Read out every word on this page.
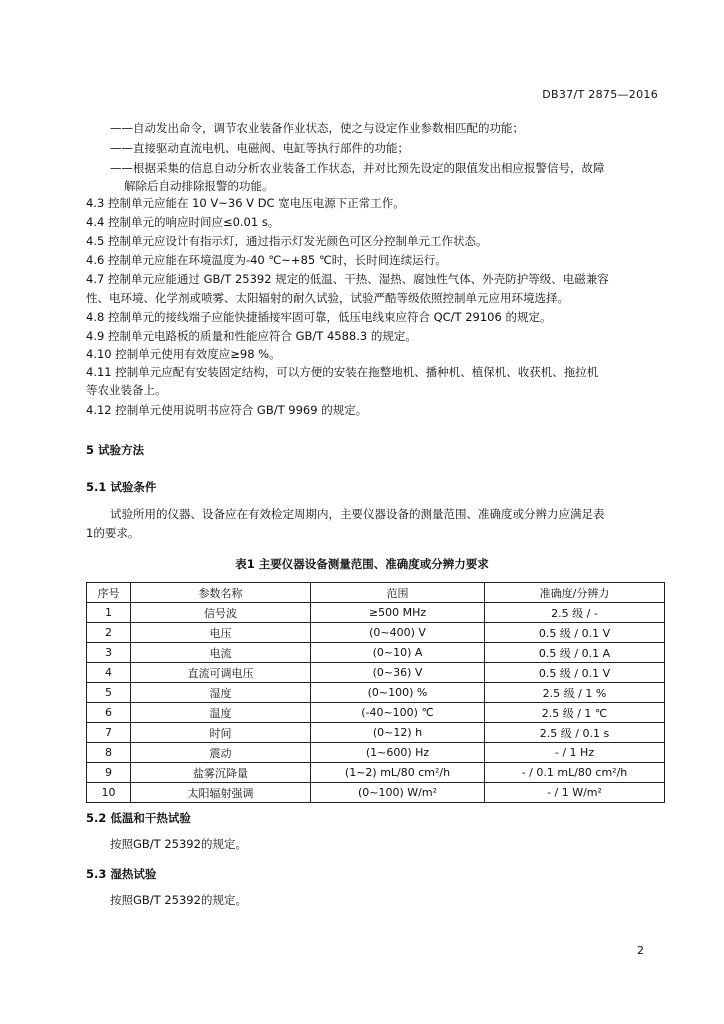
DB37/T 2875—2016
——自动发出命令，调节农业装备作业状态，使之与设定作业参数相匹配的功能；
——直接驱动直流电机、电磁阀、电缸等执行部件的功能；
——根据采集的信息自动分析农业装备工作状态，并对比预先设定的限值发出相应报警信号，故障
解除后自动排除报警的功能。
4.3 控制单元应能在 10 V~36 V DC 宽电压电源下正常工作。
4.4 控制单元的响应时间应≤0.01 s。
4.5 控制单元应设计有指示灯，通过指示灯发光颜色可区分控制单元工作状态。
4.6 控制单元应能在环境温度为-40 ℃~+85 ℃时，长时间连续运行。
4.7 控制单元应能通过 GB/T 25392 规定的低温、干热、湿热、腐蚀性气体、外壳防护等级、电磁兼容
性、电环境、化学剂或喷雾、太阳辐射的耐久试验，试验严酷等级依照控制单元应用环境选择。
4.8 控制单元的接线端子应能快捷插接牢固可靠，低压电线束应符合 QC/T 29106 的规定。
4.9 控制单元电路板的质量和性能应符合 GB/T 4588.3 的规定。
4.10 控制单元使用有效度应≥98 %。
4.11 控制单元应配有安装固定结构，可以方便的安装在拖整地机、播种机、植保机、收获机、拖拉机
等农业装备上。
4.12 控制单元使用说明书应符合 GB/T 9969 的规定。
5 试验方法
5.1 试验条件
试验所用的仪器、设备应在有效检定周期内，主要仪器设备的测量范围、准确度或分辨力应满足表
1的要求。
表1 主要仪器设备测量范围、准确度或分辨力要求
序号	参数名称	范围	准确度/分辨力
1	信号波	≥500 MHz	2.5 级 / -
2	电压	(0~400) V	0.5 级 / 0.1 V
3	电流	(0~10) A	0.5 级 / 0.1 A
4	直流可调电压	(0~36) V	0.5 级 / 0.1 V
5	湿度	(0~100) %	2.5 级 / 1 %
6	温度	(-40~100) ℃	2.5 级 / 1 ℃
7	时间	(0~12) h	2.5 级 / 0.1 s
8	震动	(1~600) Hz	- / 1 Hz
9	盐雾沉降量	(1~2) mL/80 cm²/h	- / 0.1 mL/80 cm²/h
10	太阳辐射强调	(0~100) W/m²	- / 1 W/m²
5.2 低温和干热试验
按照GB/T 25392的规定。
5.3 湿热试验
按照GB/T 25392的规定。
2
